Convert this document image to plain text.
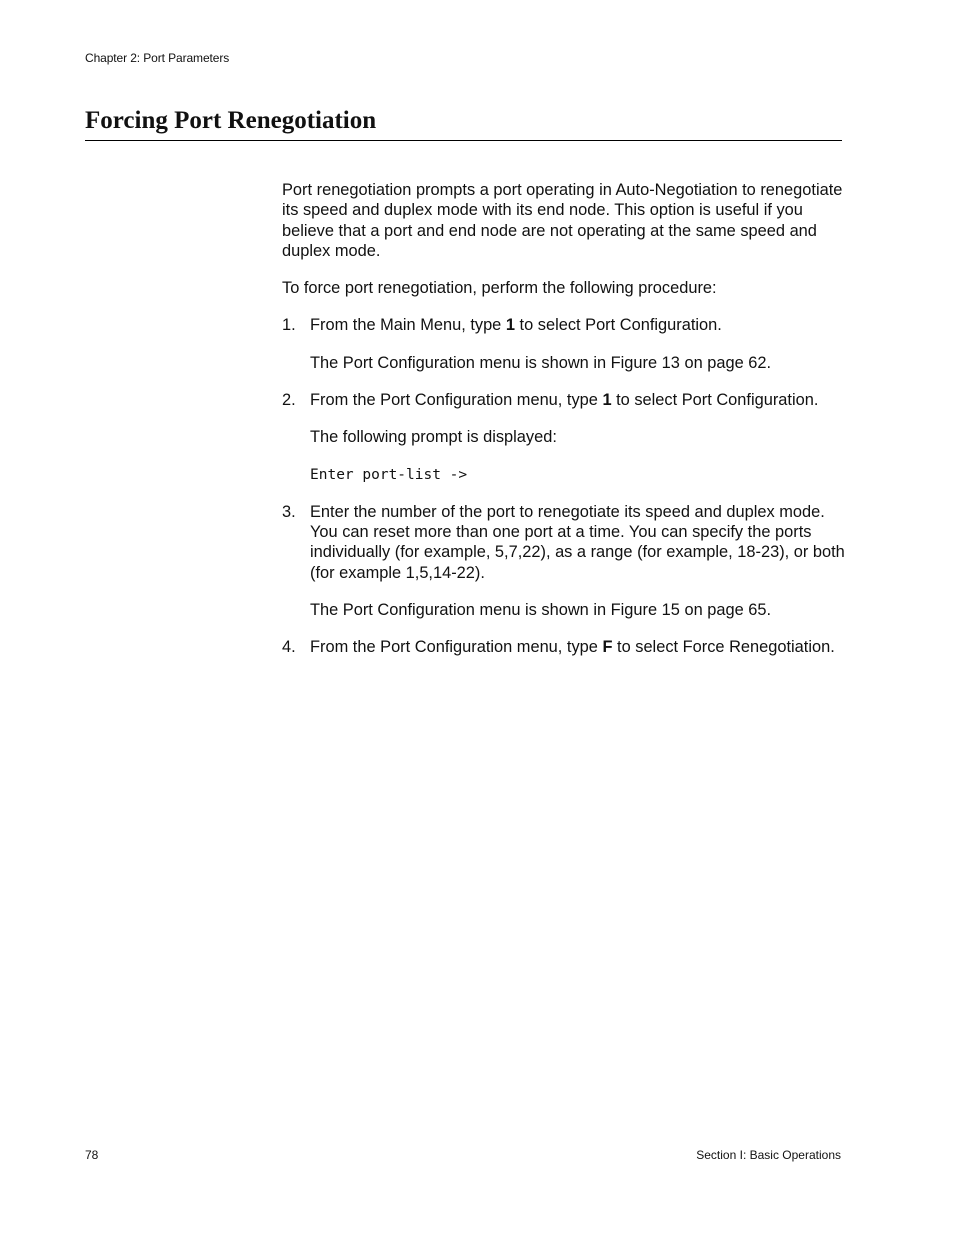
Chapter 2: Port Parameters
Forcing Port Renegotiation

Port renegotiation prompts a port operating in Auto-Negotiation to renegotiate its speed and duplex mode with its end node. This option is useful if you believe that a port and end node are not operating at the same speed and duplex mode.

To force port renegotiation, perform the following procedure:

1. From the Main Menu, type 1 to select Port Configuration.

The Port Configuration menu is shown in Figure 13 on page 62.

2. From the Port Configuration menu, type 1 to select Port Configuration.

The following prompt is displayed:

Enter port-list ->
3. Enter the number of the port to renegotiate its speed and duplex mode. You can reset more than one port at a time. You can specify the ports individually (for example, 5,7,22), as a range (for example, 18-23), or both (for example 1,5,14-22).

The Port Configuration menu is shown in Figure 15 on page 65.

4. From the Port Configuration menu, type F to select Force Renegotiation.
78	Section I: Basic Operations
